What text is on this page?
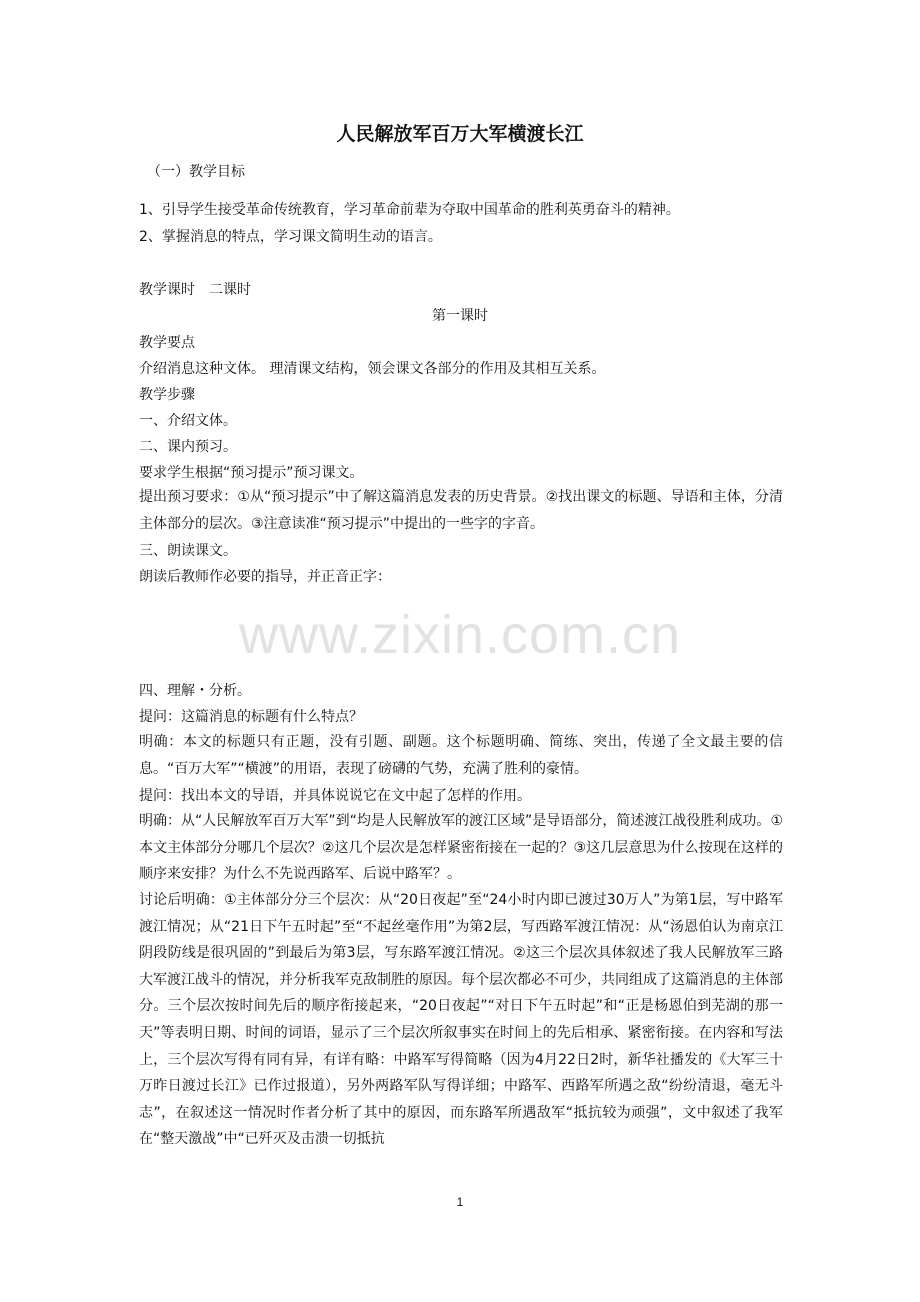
人民解放军百万大军横渡长江
（一）教学目标
1、引导学生接受革命传统教育，学习革命前辈为夺取中国革命的胜利英勇奋斗的精神。
2、掌握消息的特点，学习课文简明生动的语言。
教学课时　二课时
第一课时
教学要点
介绍消息这种文体。 理清课文结构，领会课文各部分的作用及其相互关系。
教学步骤
一、介绍文体。
二、课内预习。
要求学生根据“预习提示”预习课文。
提出预习要求：①从“预习提示”中了解这篇消息发表的历史背景。②找出课文的标题、导语和主体，分清主体部分的层次。③注意读准“预习提示”中提出的一些字的字音。
三、朗读课文。
朗读后教师作必要的指导，并正音正字：
www.zixin.com.cn
四、理解・分析。
提问：这篇消息的标题有什么特点？
明确：本文的标题只有正题，没有引题、副题。这个标题明确、简练、突出，传递了全文最主要的信息。“百万大军”“横渡”的用语，表现了磅礴的气势，充满了胜利的豪情。
提问：找出本文的导语，并具体说说它在文中起了怎样的作用。
明确：从“人民解放军百万大军”到“均是人民解放军的渡江区域”是导语部分，简述渡江战役胜利成功。①本文主体部分分哪几个层次？②这几个层次是怎样紧密衔接在一起的？③这几层意思为什么按现在这样的顺序来安排？为什么不先说西路军、后说中路军？。
讨论后明确：①主体部分分三个层次：从“20日夜起”至“24小时内即已渡过30万人”为第1层，写中路军渡江情况；从“21日下午五时起”至“不起丝毫作用”为第2层，写西路军渡江情况：从“汤恩伯认为南京江阴段防线是很巩固的”到最后为第3层，写东路军渡江情况。②这三个层次具体叙述了我人民解放军三路大军渡江战斗的情况，并分析我军克敌制胜的原因。每个层次都必不可少，共同组成了这篇消息的主体部分。三个层次按时间先后的顺序衔接起来，“20日夜起”“对日下午五时起”和“正是杨恩伯到芜湖的那一天”等表明日期、时间的词语，显示了三个层次所叙事实在时间上的先后相承、紧密衔接。在内容和写法上，三个层次写得有同有异，有详有略：中路军写得简略（因为4月22日2时，新华社播发的《大军三十万昨日渡过长江》已作过报道），另外两路军队写得详细；中路军、西路军所遇之敌“纷纷清退，毫无斗志”，在叙述这一情况时作者分析了其中的原因，而东路军所遇敌军“抵抗较为顽强”，文中叙述了我军在“整天激战”中“已歼灭及击溃一切抵抗
1
